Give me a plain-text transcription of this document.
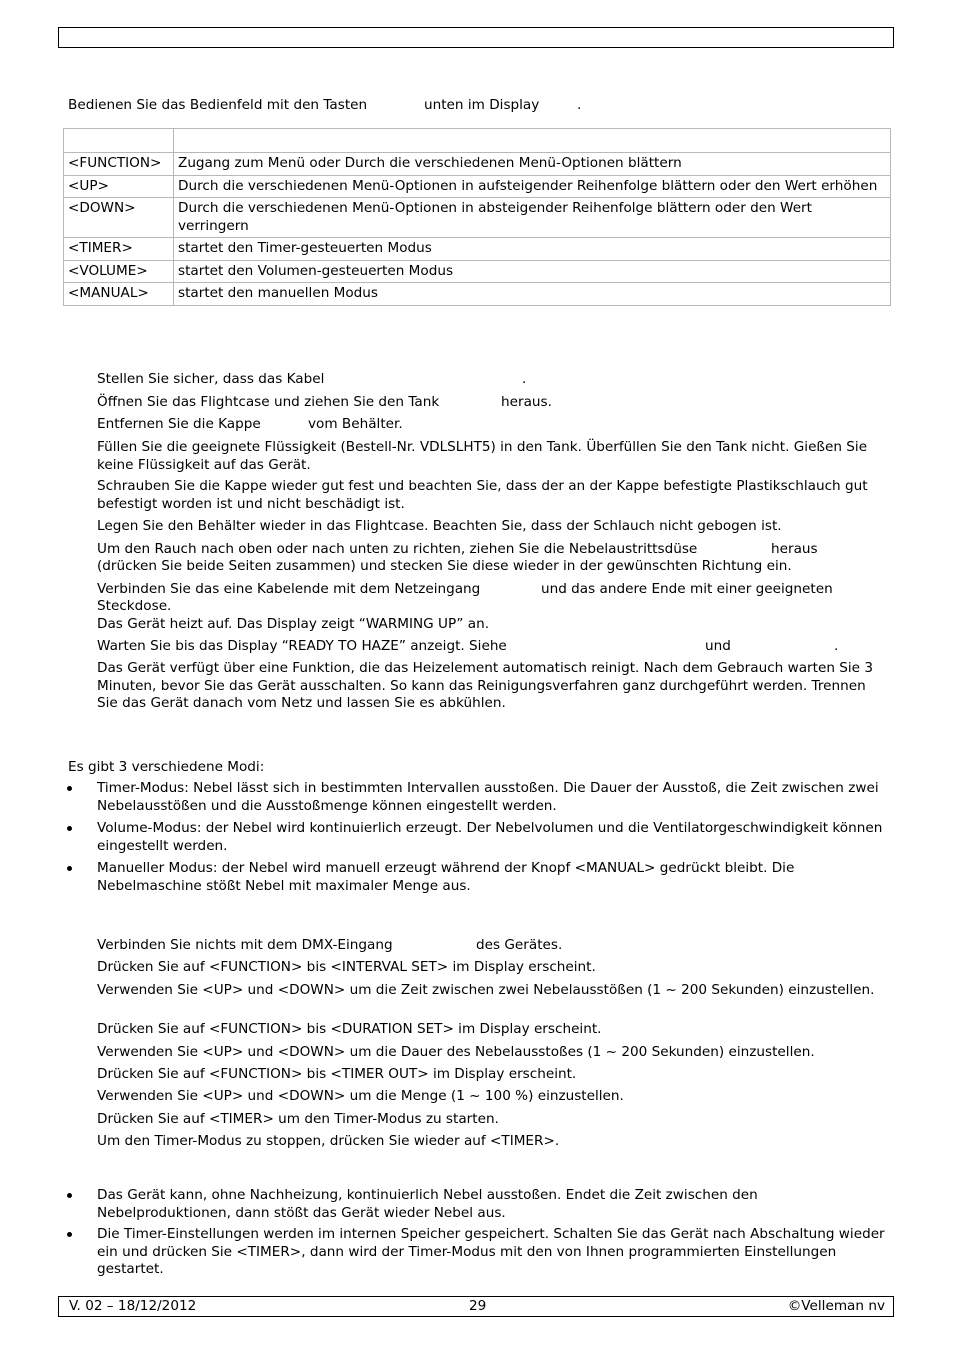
Bedienen Sie das Bedienfeld mit den Tasten	unten im Display	.

<FUNCTION>	Zugang zum Menü oder Durch die verschiedenen Menü-Optionen blättern
<UP>	Durch die verschiedenen Menü-Optionen in aufsteigender Reihenfolge blättern oder den Wert erhöhen
<DOWN>	Durch die verschiedenen Menü-Optionen in absteigender Reihenfolge blättern oder den Wert verringern
<TIMER>	startet den Timer-gesteuerten Modus
<VOLUME>	startet den Volumen-gesteuerten Modus
<MANUAL>	startet den manuellen Modus
Stellen Sie sicher, dass das Kabel	.
Öffnen Sie das Flightcase und ziehen Sie den Tank	heraus.
Entfernen Sie die Kappe	vom Behälter.
Füllen Sie die geeignete Flüssigkeit (Bestell-Nr. VDLSLHT5) in den Tank. Überfüllen Sie den Tank nicht. Gießen Sie keine Flüssigkeit auf das Gerät.
Schrauben Sie die Kappe wieder gut fest und beachten Sie, dass der an der Kappe befestigte Plastikschlauch gut befestigt worden ist und nicht beschädigt ist.
Legen Sie den Behälter wieder in das Flightcase. Beachten Sie, dass der Schlauch nicht gebogen ist.
Um den Rauch nach oben oder nach unten zu richten, ziehen Sie die Nebelaustrittsdüse	heraus
(drücken Sie beide Seiten zusammen) und stecken Sie diese wieder in der gewünschten Richtung ein.
Verbinden Sie das eine Kabelende mit dem Netzeingang	und das andere Ende mit einer geeigneten
Steckdose.
Das Gerät heizt auf. Das Display zeigt “WARMING UP” an.
Warten Sie bis das Display “READY TO HAZE” anzeigt. Siehe	und	.
Das Gerät verfügt über eine Funktion, die das Heizelement automatisch reinigt. Nach dem Gebrauch warten Sie 3 Minuten, bevor Sie das Gerät ausschalten. So kann das Reinigungsverfahren ganz durchgeführt werden. Trennen Sie das Gerät danach vom Netz und lassen Sie es abkühlen.
Es gibt 3 verschiedene Modi:
Timer-Modus: Nebel lässt sich in bestimmten Intervallen ausstoßen. Die Dauer der Ausstoß, die Zeit zwischen zwei Nebelausstößen und die Ausstoßmenge können eingestellt werden.
Volume-Modus: der Nebel wird kontinuierlich erzeugt. Der Nebelvolumen und die Ventilatorgeschwindigkeit können eingestellt werden.
Manueller Modus: der Nebel wird manuell erzeugt während der Knopf <MANUAL> gedrückt bleibt. Die Nebelmaschine stößt Nebel mit maximaler Menge aus.
Verbinden Sie nichts mit dem DMX-Eingang	des Gerätes.
Drücken Sie auf <FUNCTION> bis <INTERVAL SET> im Display erscheint.
Verwenden Sie <UP> und <DOWN> um die Zeit zwischen zwei Nebelausstößen (1 ~ 200 Sekunden) einzustellen.
Drücken Sie auf <FUNCTION> bis <DURATION SET> im Display erscheint.
Verwenden Sie <UP> und <DOWN> um die Dauer des Nebelausstoßes (1 ~ 200 Sekunden) einzustellen.
Drücken Sie auf <FUNCTION> bis <TIMER OUT> im Display erscheint.
Verwenden Sie <UP> und <DOWN> um die Menge (1 ~ 100 %) einzustellen.
Drücken Sie auf <TIMER> um den Timer-Modus zu starten.
Um den Timer-Modus zu stoppen, drücken Sie wieder auf <TIMER>.
Das Gerät kann, ohne Nachheizung, kontinuierlich Nebel ausstoßen. Endet die Zeit zwischen den Nebelproduktionen, dann stößt das Gerät wieder Nebel aus.
Die Timer-Einstellungen werden im internen Speicher gespeichert. Schalten Sie das Gerät nach Abschaltung wieder ein und drücken Sie <TIMER>, dann wird der Timer-Modus mit den von Ihnen programmierten Einstellungen gestartet.
V. 02 – 18/12/2012	29	©Velleman nv
